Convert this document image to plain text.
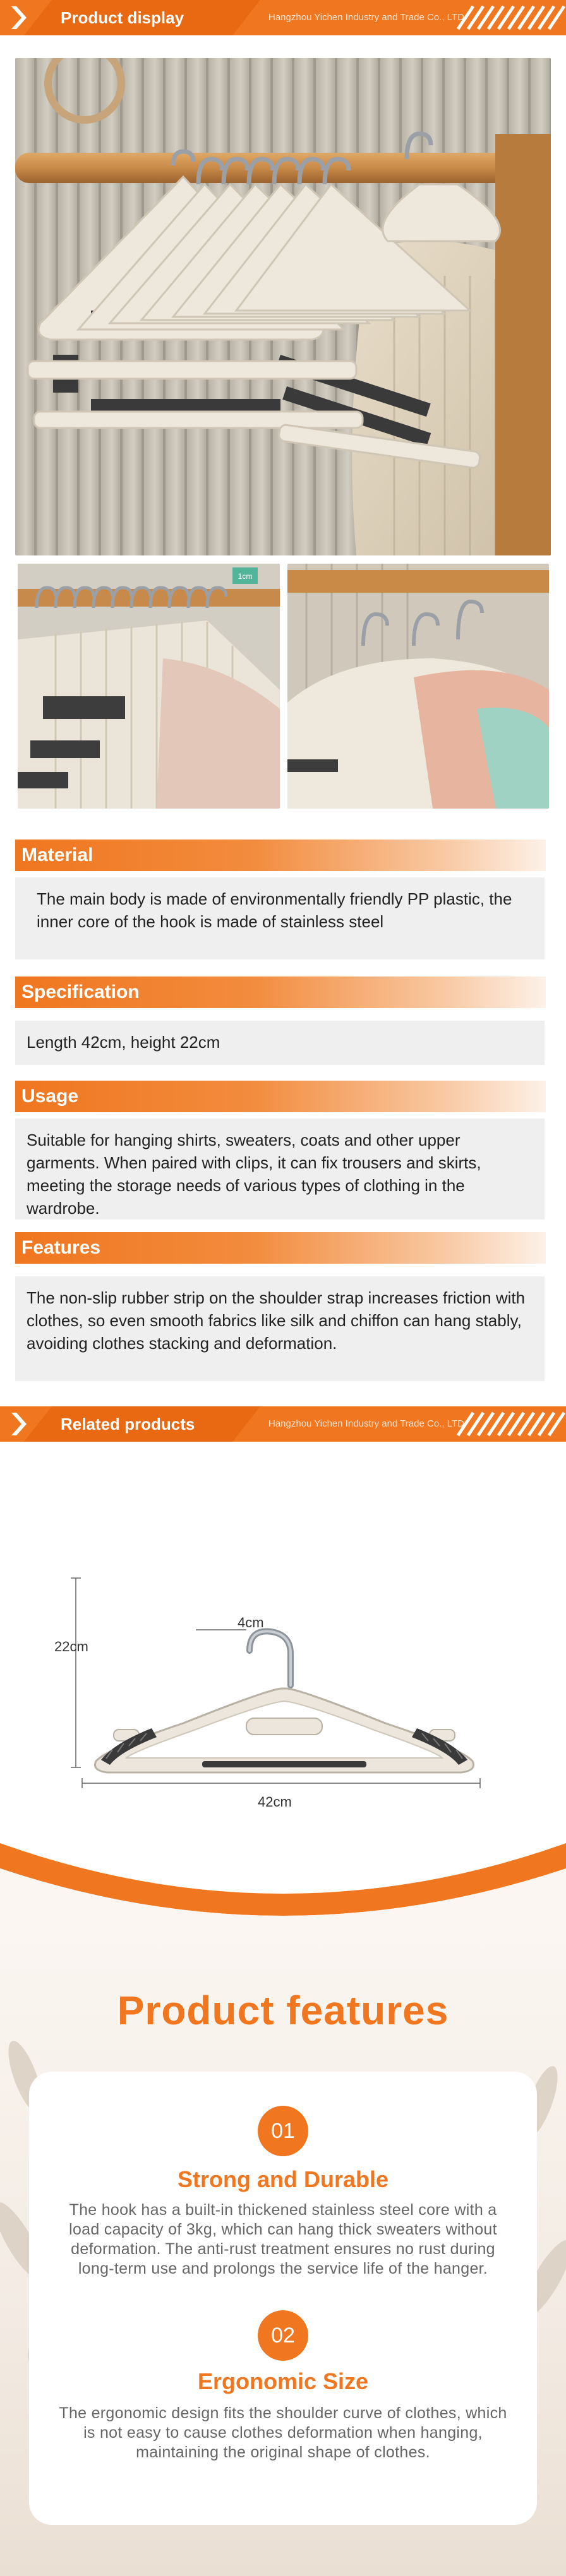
Product display	Hangzhou Yichen Industry and Trade Co., LTD
1cm
Material
The main body is made of environmentally friendly PP plastic, the inner core of the hook is made of stainless steel
Specification
Length 42cm, height 22cm
Usage
Suitable for hanging shirts, sweaters, coats and other upper garments. When paired with clips, it can fix trousers and skirts, meeting the storage needs of various types of clothing in the wardrobe.
Features
The non-slip rubber strip on the shoulder strap increases friction with clothes, so even smooth fabrics like silk and chiffon can hang stably, avoiding clothes stacking and deformation.
Related products	Hangzhou Yichen Industry and Trade Co., LTD
22cm
4cm
42cm
Product features
01
Strong and Durable
The hook has a built-in thickened stainless steel core with a load capacity of 3kg, which can hang thick sweaters without deformation. The anti-rust treatment ensures no rust during long-term use and prolongs the service life of the hanger.
02
Ergonomic Size
The ergonomic design fits the shoulder curve of clothes, which is not easy to cause clothes deformation when hanging, maintaining the original shape of clothes.
